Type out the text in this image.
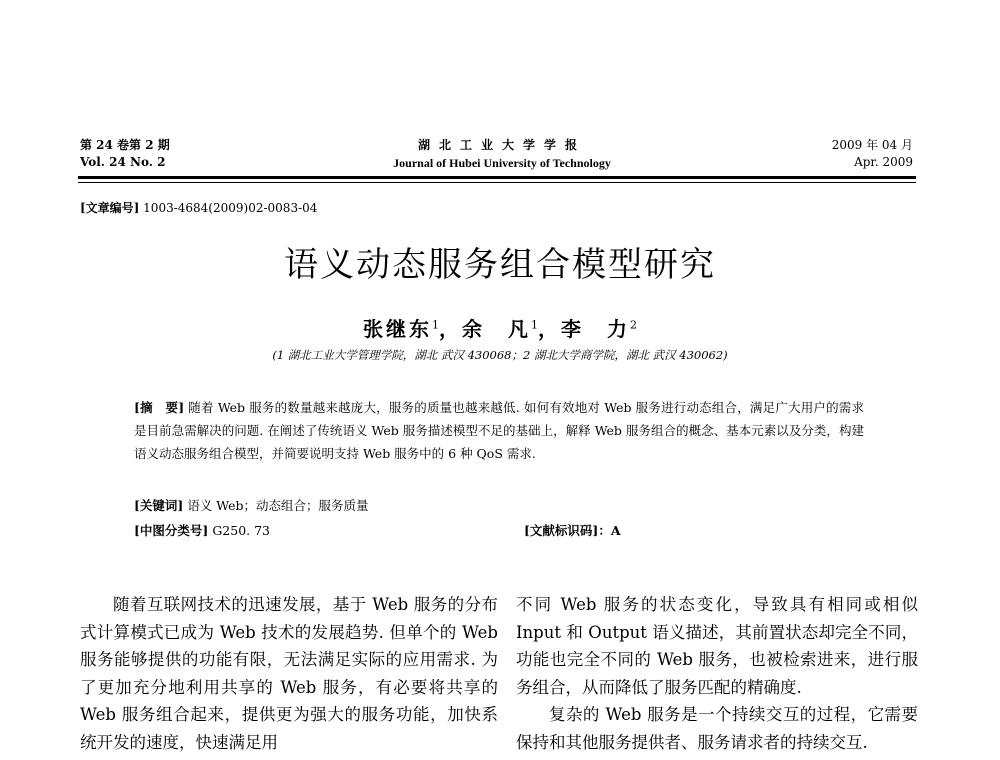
第 24 卷第 2 期
Vol. 24 No. 2
湖北工业大学学报
Journal of Hubei University of Technology
2009 年 04 月
Apr. 2009
[文章编号] 1003-4684(2009)02-0083-04
语义动态服务组合模型研究
张继东$^1$，余　凡$^1$，李　力$^2$
(1 湖北工业大学管理学院，湖北 武汉 430068；2 湖北大学商学院，湖北 武汉 430062)
[摘　要] 随着 Web 服务的数量越来越庞大，服务的质量也越来越低. 如何有效地对 Web 服务进行动态组合，满足广大用户的需求是目前急需解决的问题. 在阐述了传统语义 Web 服务描述模型不足的基础上，解释 Web 服务组合的概念、基本元素以及分类，构建语义动态服务组合模型，并简要说明支持 Web 服务中的 6 种 QoS 需求.
[关键词] 语义 Web；动态组合；服务质量
[中图分类号] G250. 73	[文献标识码]：A

随着互联网技术的迅速发展，基于 Web 服务的分布式计算模式已成为 Web 技术的发展趋势. 但单个的 Web 服务能够提供的功能有限，无法满足实际的应用需求. 为了更加充分地利用共享的 Web 服务，有必要将共享的 Web 服务组合起来，提供更为强大的服务功能，加快系统开发的速度，快速满足用

不同 Web 服务的状态变化，导致具有相同或相似 Input 和 Output 语义描述，其前置状态却完全不同，功能也完全不同的 Web 服务，也被检索进来，进行服务组合，从而降低了服务匹配的精确度.

复杂的 Web 服务是一个持续交互的过程，它需要保持和其他服务提供者、服务请求者的持续交互.
